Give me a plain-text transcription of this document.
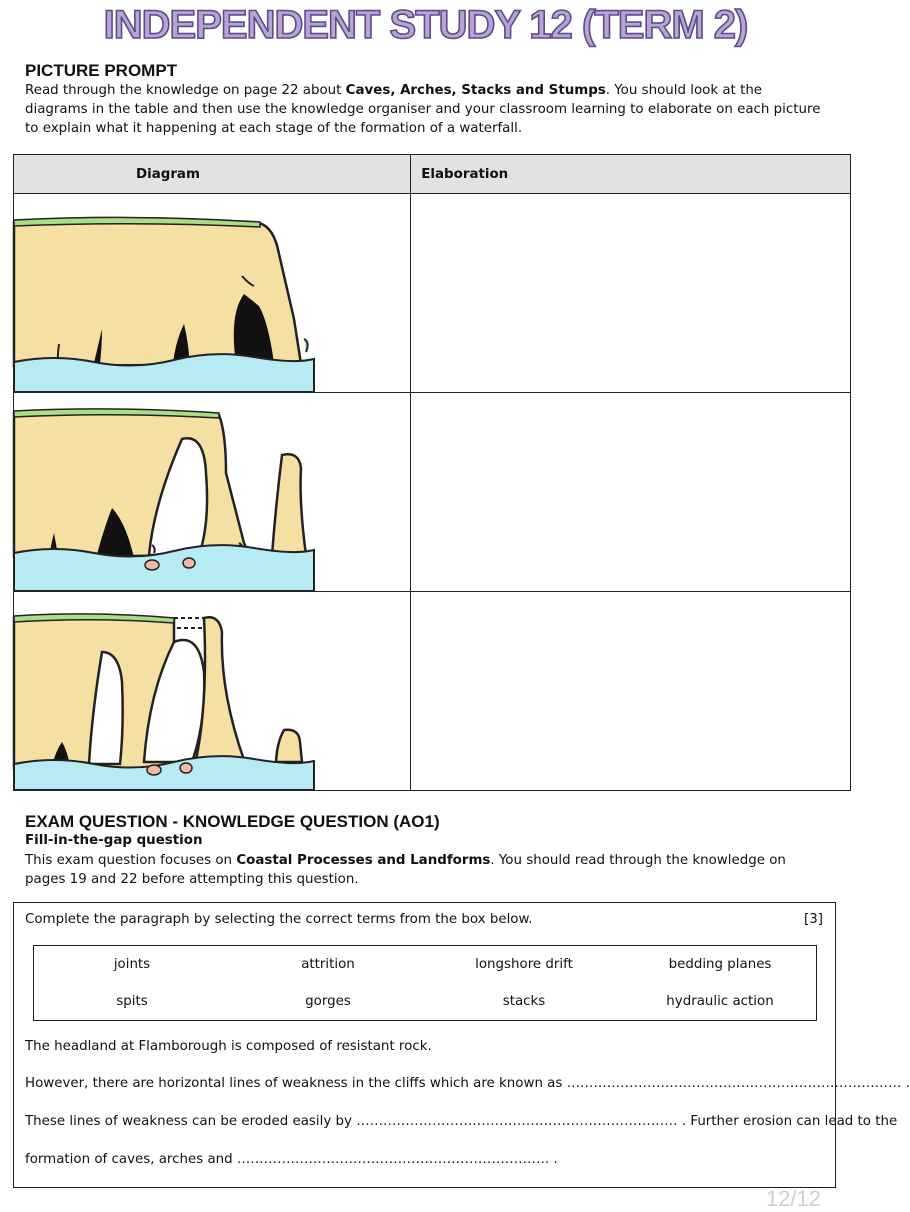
INDEPENDENT STUDY 12 (TERM 2)
PICTURE PROMPT
Read through the knowledge on page 22 about Caves, Arches, Stacks and Stumps. You should look at the diagrams in the table and then use the knowledge organiser and your classroom learning to elaborate on each picture to explain what it happening at each stage of the formation of a waterfall.
Diagram	Elaboration

EXAM QUESTION - KNOWLEDGE QUESTION (AO1)
Fill-in-the-gap question
This exam question focuses on Coastal Processes and Landforms. You should read through the knowledge on pages 19 and 22 before attempting this question.
Complete the paragraph by selecting the correct terms from the box below.	[3]
joints	attrition	longshore drift	bedding planes
spits	gorges	stacks	hydraulic action
The headland at Flamborough is composed of resistant rock.
However, there are horizontal lines of weakness in the cliffs which are known as ………………………………………………………………… .
These lines of weakness can be eroded easily by ……………………………………………………………… . Further erosion can lead to the
formation of caves, arches and ……………………………………………………………. .
12/12
